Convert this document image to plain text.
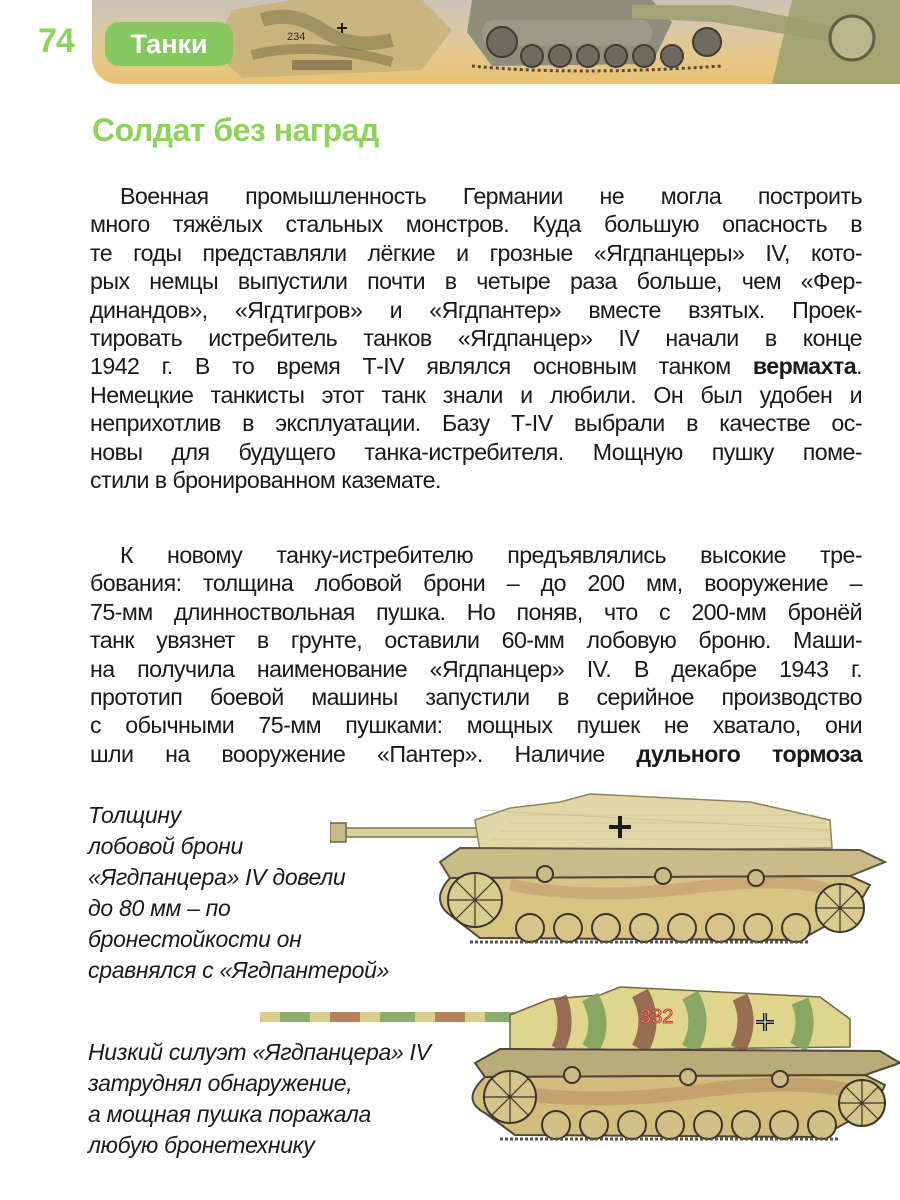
234
74 Танки
Солдат без наград
Военная промышленность Германии не могла построить
много тяжёлых стальных монстров. Куда большую опасность в
те годы представляли лёгкие и грозные «Ягдпанцеры» IV, кото-
рых немцы выпустили почти в четыре раза больше, чем «Фер-
динандов», «Ягдтигров» и «Ягдпантер» вместе взятых. Проек-
тировать истребитель танков «Ягдпанцер» IV начали в конце
1942 г. В то время Т-IV являлся основным танком вермахта.
Немецкие танкисты этот танк знали и любили. Он был удобен и
неприхотлив в эксплуатации. Базу Т-IV выбрали в качестве ос-
новы для будущего танка-истребителя. Мощную пушку поме-
стили в бронированном каземате.
К новому танку-истребителю предъявлялись высокие тре-
бования: толщина лобовой брони – до 200 мм, вооружение –
75-мм длинноствольная пушка. Но поняв, что с 200-мм бронёй
танк увязнет в грунте, оставили 60-мм лобовую броню. Маши-
на получила наименование «Ягдпанцер» IV. В декабре 1943 г.
прототип боевой машины запустили в серийное производство
с обычными 75-мм пушками: мощных пушек не хватало, они
шли на вооружение «Пантер». Наличие дульного тормоза
Толщину
лобовой брони
«Ягдпанцера» IV довели
до 80 мм – по
бронестойкости он
сравнялся с «Ягдпантерой»
Низкий силуэт «Ягдпанцера» IV
затруднял обнаружение,
а мощная пушка поражала
любую бронетехнику
332
